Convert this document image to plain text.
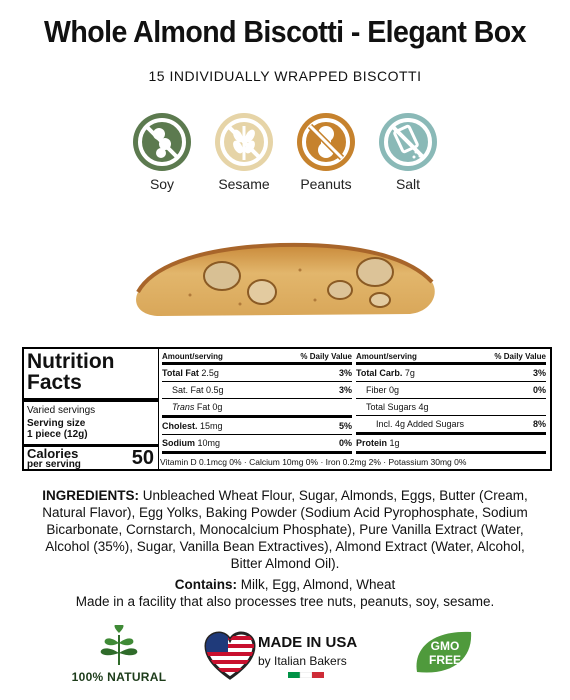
Whole Almond Biscotti - Elegant Box
15 INDIVIDUALLY WRAPPED BISCOTTI
Soy	Sesame	Peanuts	Salt
Nutrition Facts
Varied servings
Serving size
1 piece (12g)
Calories
per serving	50
Amount/serving	% Daily Value
Total Fat 2.5g	3%
Sat. Fat 0.5g	3%
Trans Fat 0g
Cholest. 15mg	5%
Sodium 10mg	0%
Amount/serving	% Daily Value
Total Carb. 7g	3%
Fiber 0g	0%
Total Sugars 4g
Incl. 4g Added Sugars	8%
Protein 1g
Vitamin D 0.1mcg 0% · Calcium 10mg 0% · Iron 0.2mg 2% · Potassium 30mg 0%
INGREDIENTS: Unbleached Wheat Flour, Sugar, Almonds, Eggs, Butter (Cream, Natural Flavor), Egg Yolks, Baking Powder (Sodium Acid Pyrophosphate, Sodium Bicarbonate, Cornstarch, Monocalcium Phosphate), Pure Vanilla Extract (Water, Alcohol (35%), Sugar, Vanilla Bean Extractives), Almond Extract (Water, Alcohol, Bitter Almond Oil).
Contains: Milk, Egg, Almond, Wheat
Made in a facility that also processes tree nuts, peanuts, soy, sesame.
100% NATURAL
MADE IN USA
by Italian Bakers
GMO
FREE
